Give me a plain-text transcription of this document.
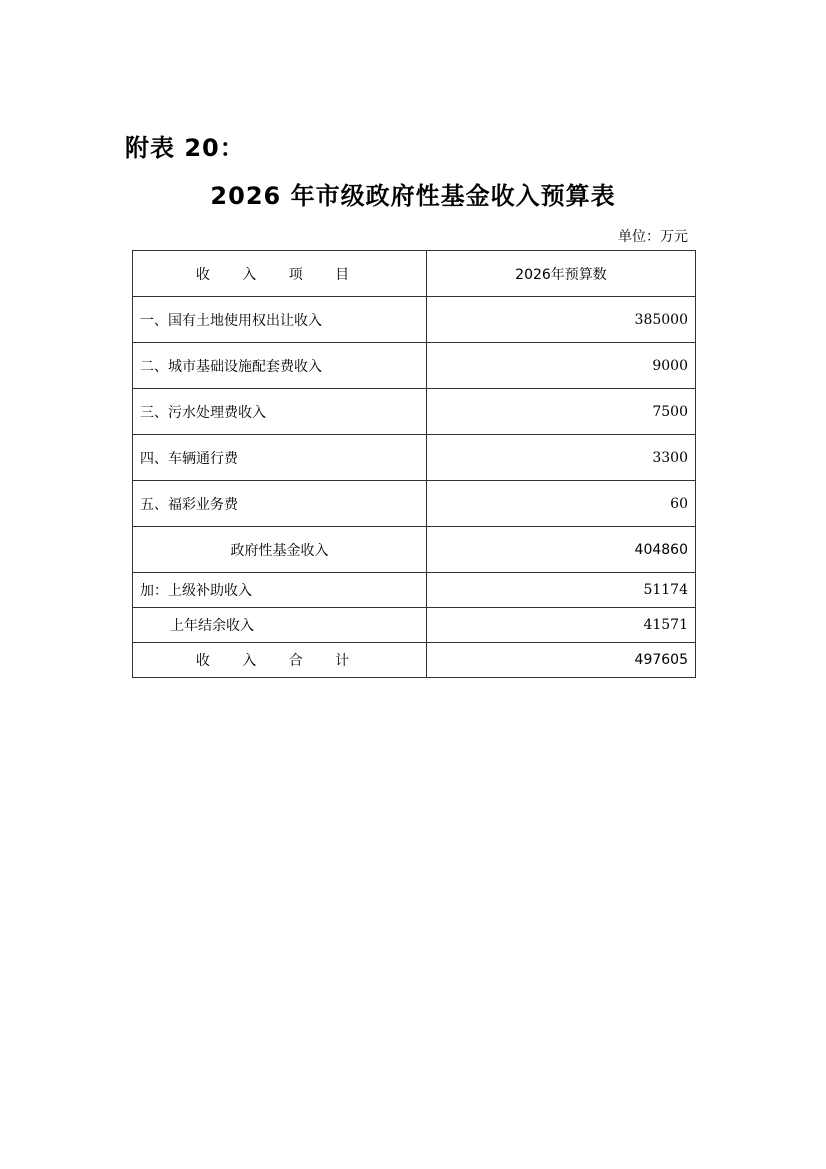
附表 20：
2026 年市级政府性基金收入预算表
单位：万元
收 入 项 目	2026年预算数
一、国有土地使用权出让收入	385000
二、城市基础设施配套费收入	9000
三、污水处理费收入	7500
四、车辆通行费	3300
五、福彩业务费	60
政府性基金收入	404860
加：上级补助收入	51174
上年结余收入	41571
收 入 合 计	497605
